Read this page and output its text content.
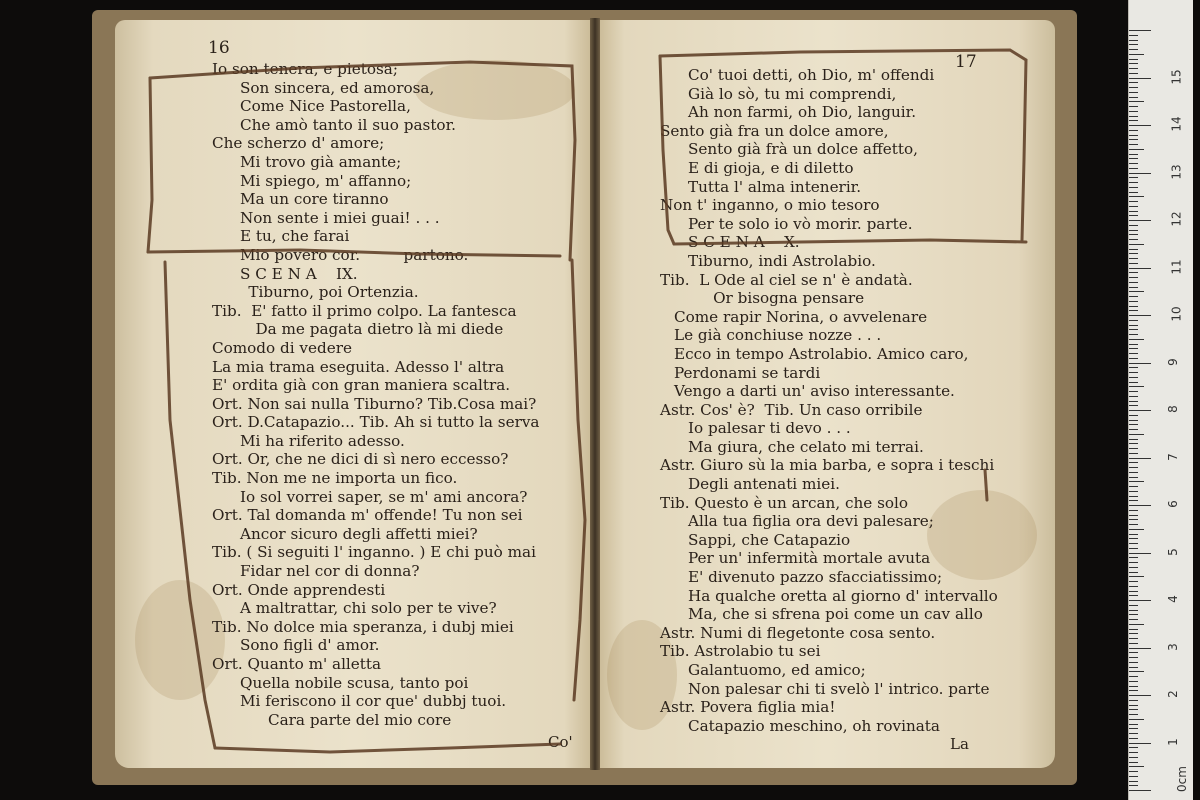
16
17
Io son tenera, e pietosa;
Son sincera, ed amorosa,
Come Nice Pastorella,
Che amò tanto il suo pastor.
Che scherzo d' amore;
Mi trovo già amante;
Mi spiego, m' affanno;
Ma un core tiranno
Non sente i miei guai! . . .
E tu, che farai
Mio povero cor.         partono.
S C E N A    IX.
Tiburno, poi Ortenzia.
Tib.  E' fatto il primo colpo. La fantesca
Da me pagata dietro là mi diede
Comodo di vedere
La mia trama eseguita. Adesso l' altra
E' ordita già con gran maniera scaltra.
Ort. Non sai nulla Tiburno? Tib.Cosa mai?
Ort. D.Catapazio... Tib. Ah si tutto la serva
Mi ha riferito adesso.
Ort. Or, che ne dici di sì nero eccesso?
Tib. Non me ne importa un fico.
Io sol vorrei saper, se m' ami ancora?
Ort. Tal domanda m' offende! Tu non sei
Ancor sicuro degli affetti miei?
Tib. ( Si seguiti l' inganno. ) E chi può mai
Fidar nel cor di donna?
Ort. Onde apprendesti
A maltrattar, chi solo per te vive?
Tib. No dolce mia speranza, i dubj miei
Sono figli d' amor.
Ort. Quanto m' alletta
Quella nobile scusa, tanto poi
Mi feriscono il cor que' dubbj tuoi.
Cara parte del mio core
Co' tuoi detti, oh Dio, m' offendi
Già lo sò, tu mi comprendi,
Ah non farmi, oh Dio, languir.
Sento già fra un dolce amore,
Sento già frà un dolce affetto,
E di gioja, e di diletto
Tutta l' alma intenerir.
Non t' inganno, o mio tesoro
Per te solo io vò morir. parte.
S C E N A    X.
Tiburno, indi Astrolabio.
Tib.  L Ode al ciel se n' è andatà.
Or bisogna pensare
Come rapir Norina, o avvelenare
Le già conchiuse nozze . . .
Ecco in tempo Astrolabio. Amico caro,
Perdonami se tardi
Vengo a darti un' aviso interessante.
Astr. Cos' è?  Tib. Un caso orribile
Io palesar ti devo . . .
Ma giura, che celato mi terrai.
Astr. Giuro sù la mia barba, e sopra i teschi
Degli antenati miei.
Tib. Questo è un arcan, che solo
Alla tua figlia ora devi palesare;
Sappi, che Catapazio
Per un' infermità mortale avuta
E' divenuto pazzo sfacciatissimo;
Ha qualche oretta al giorno d' intervallo
Ma, che si sfrena poi come un cav allo
Astr. Numi di flegetonte cosa sento.
Tib. Astrolabio tu sei
Galantuomo, ed amico;
Non palesar chi ti svelò l' intrico. parte
Astr. Povera figlia mia!
Catapazio meschino, oh rovinata
Co'	La
0cm
1
2
3
4
5
6
7
8
9
10
11
12
13
14
15
